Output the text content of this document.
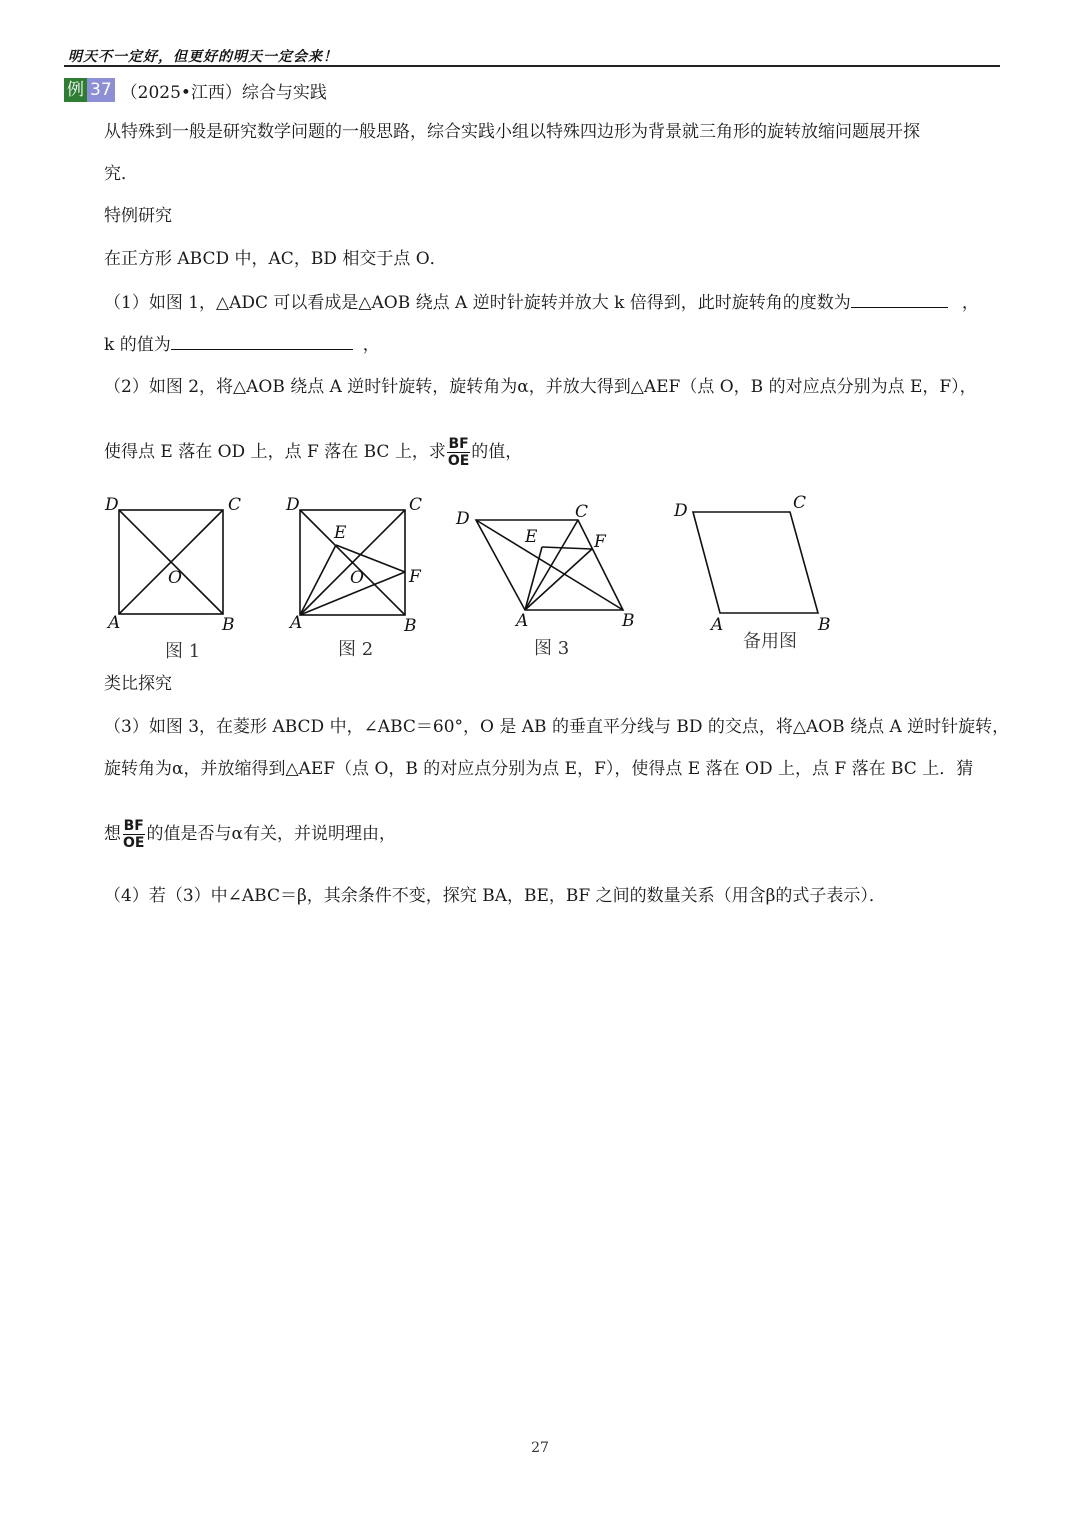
明天不一定好，但更好的明天一定会来！
例 37 （2025•江西）综合与实践
从特殊到一般是研究数学问题的一般思路，综合实践小组以特殊四边形为背景就三角形的旋转放缩问题展开探
究．
特例研究
在正方形 ABCD 中，AC，BD 相交于点 O．
（1）如图 1，△ADC 可以看成是△AOB 绕点 A 逆时针旋转并放大 k 倍得到，此时旋转角的度数为	，
k 的值为	，
（2）如图 2，将△AOB 绕点 A 逆时针旋转，旋转角为α，并放大得到△AEF（点 O，B 的对应点分别为点 E，F），
使得点 E 落在 OD 上，点 F 落在 BC 上，求 $\frac{BF}{OE}$ 的值，
D	C
O
A	B
图 1
D	C
E
O	F
A	B
图 2
D	C
E	F
A	B
图 3
D	C
A	B
备用图
类比探究
（3）如图 3，在菱形 ABCD 中，∠ABC＝60°，O 是 AB 的垂直平分线与 BD 的交点，将△AOB 绕点 A 逆时针旋转，
旋转角为α，并放缩得到△AEF（点 O，B 的对应点分别为点 E，F），使得点 E 落在 OD 上，点 F 落在 BC 上．猜
想 $\frac{BF}{OE}$ 的值是否与α有关，并说明理由，
（4）若（3）中∠ABC＝β，其余条件不变，探究 BA，BE，BF 之间的数量关系（用含β的式子表示）．
27
